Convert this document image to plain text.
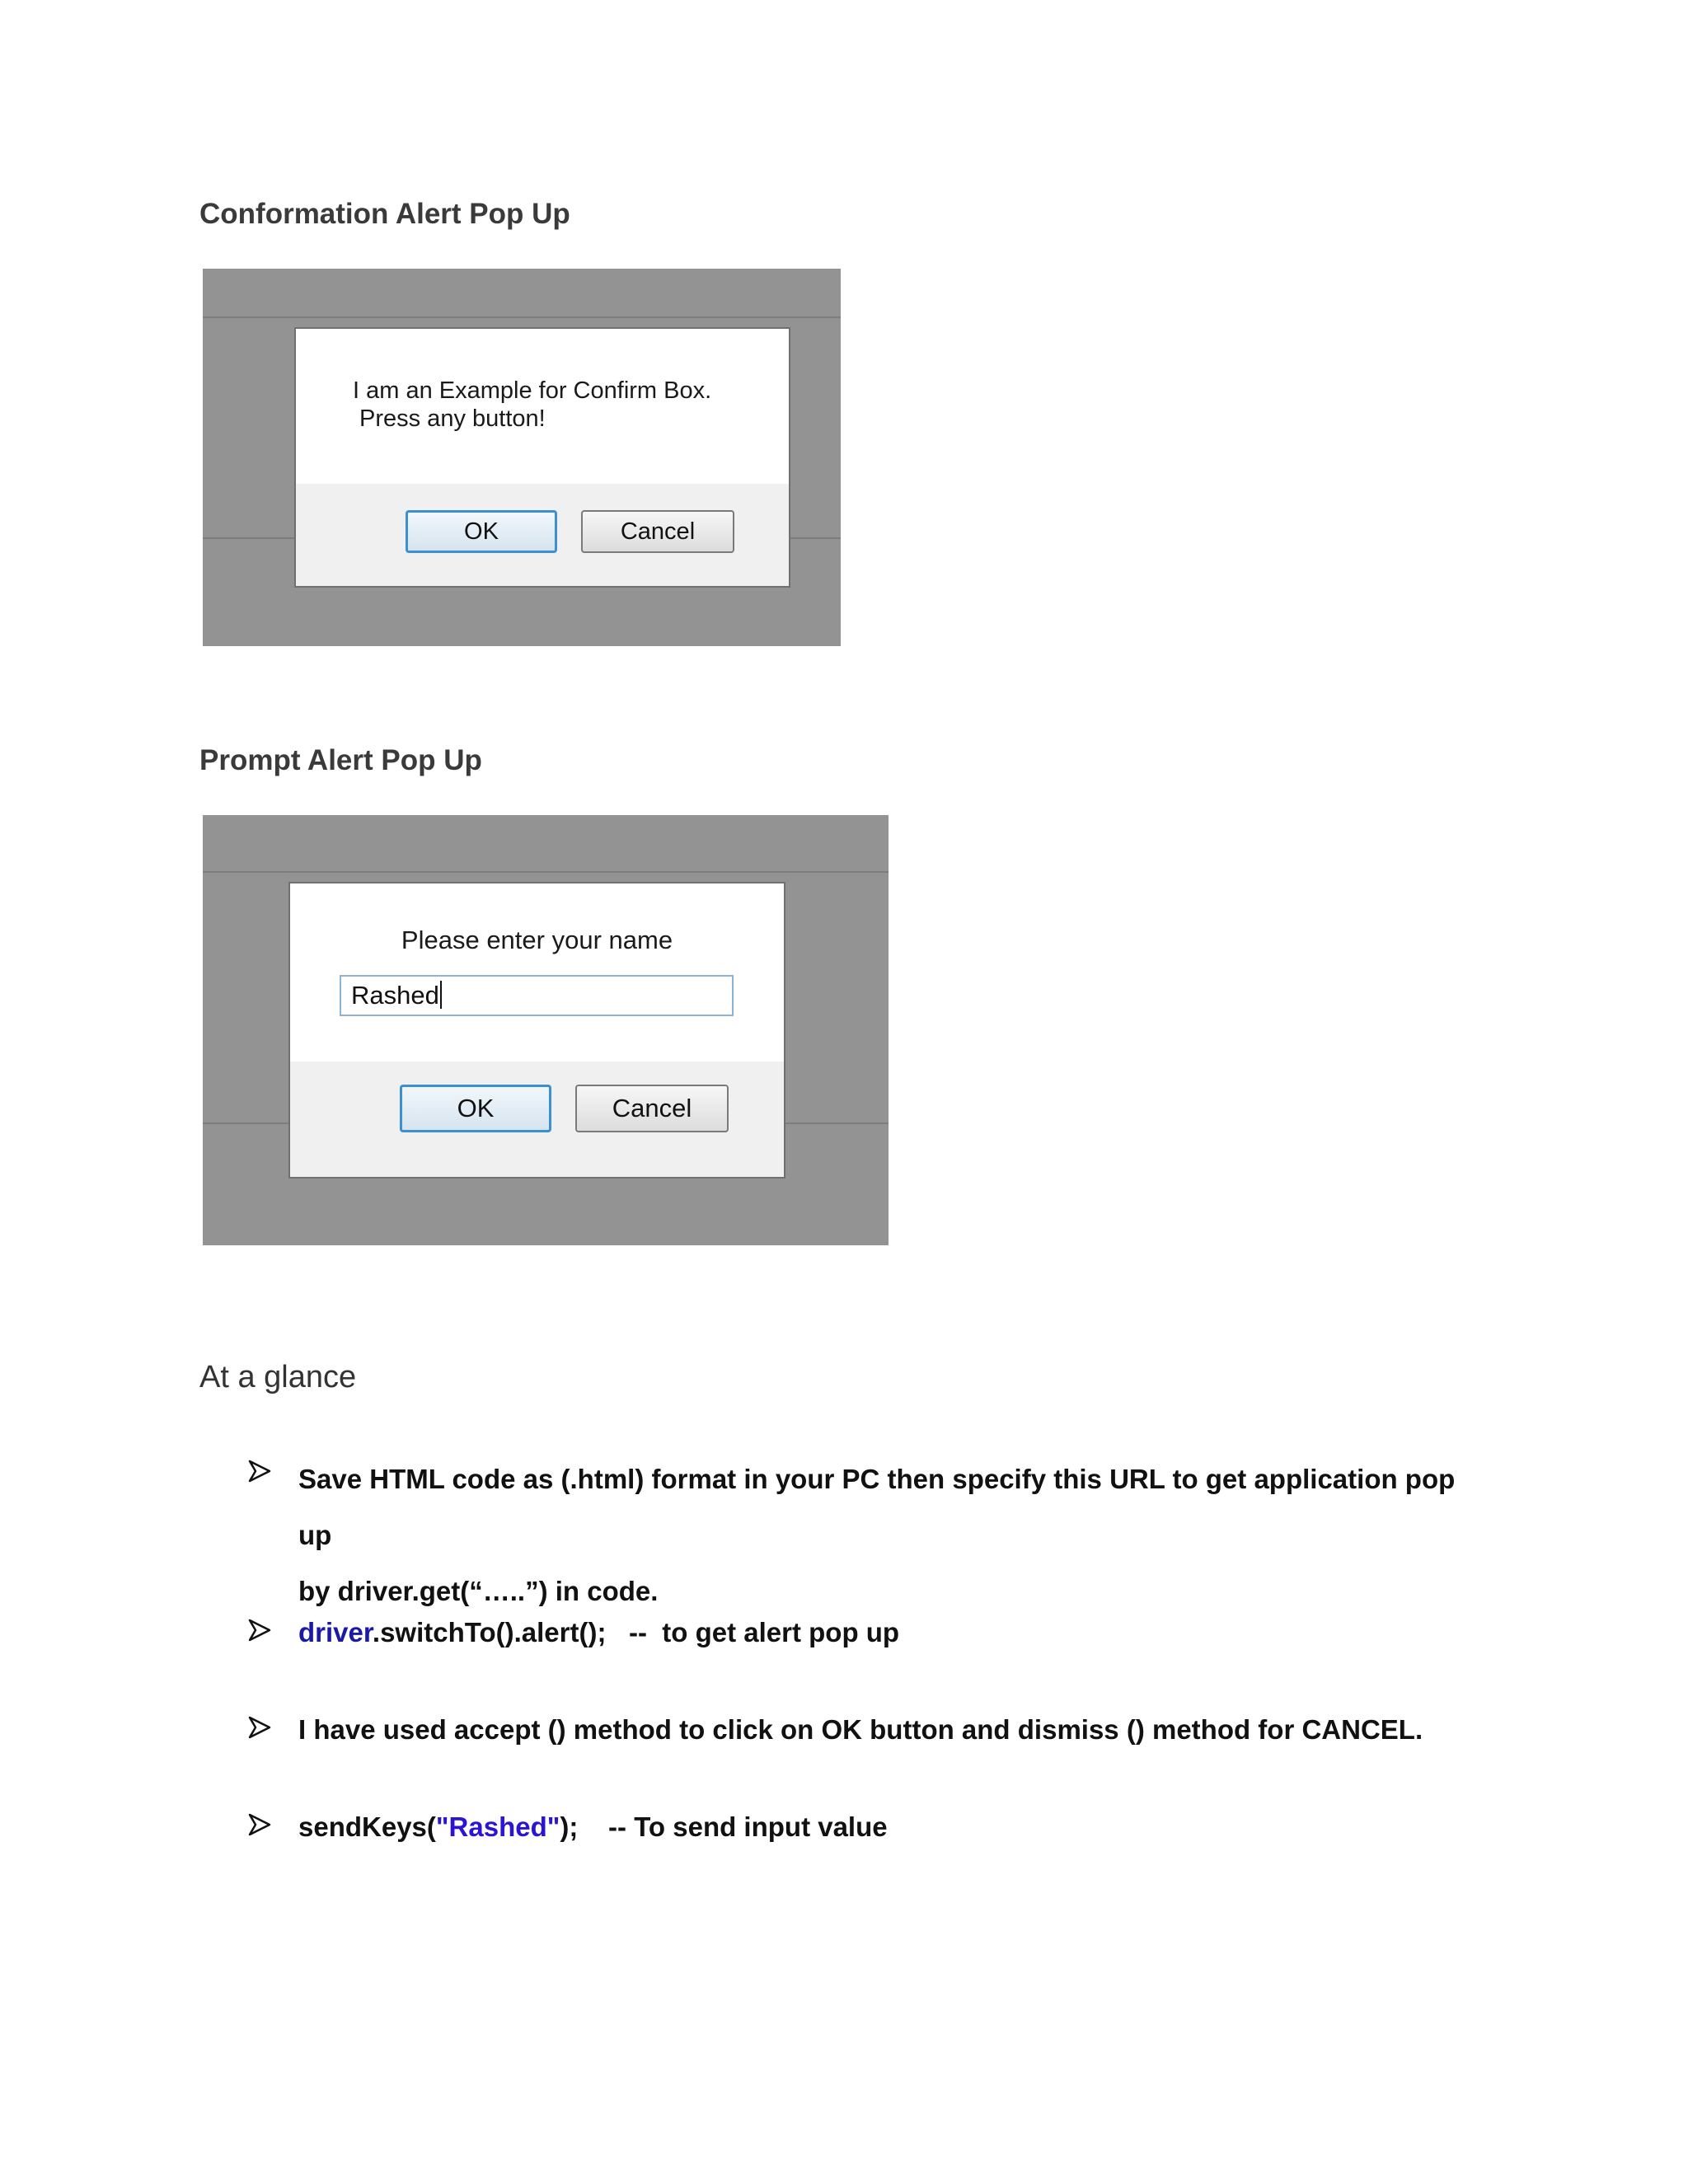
Conformation Alert Pop Up
I am an Example for Confirm Box.
Press any button!
OK	Cancel
Prompt Alert Pop Up
Please enter your name
Rashed
OK	Cancel
At a glance
Save HTML code as (.html) format in your PC then specify this URL to get application pop up
by driver.get(“…..”) in code.
driver.switchTo().alert();   --  to get alert pop up
I have used accept () method to click on OK button and dismiss () method for CANCEL.
sendKeys("Rashed");    -- To send input value
